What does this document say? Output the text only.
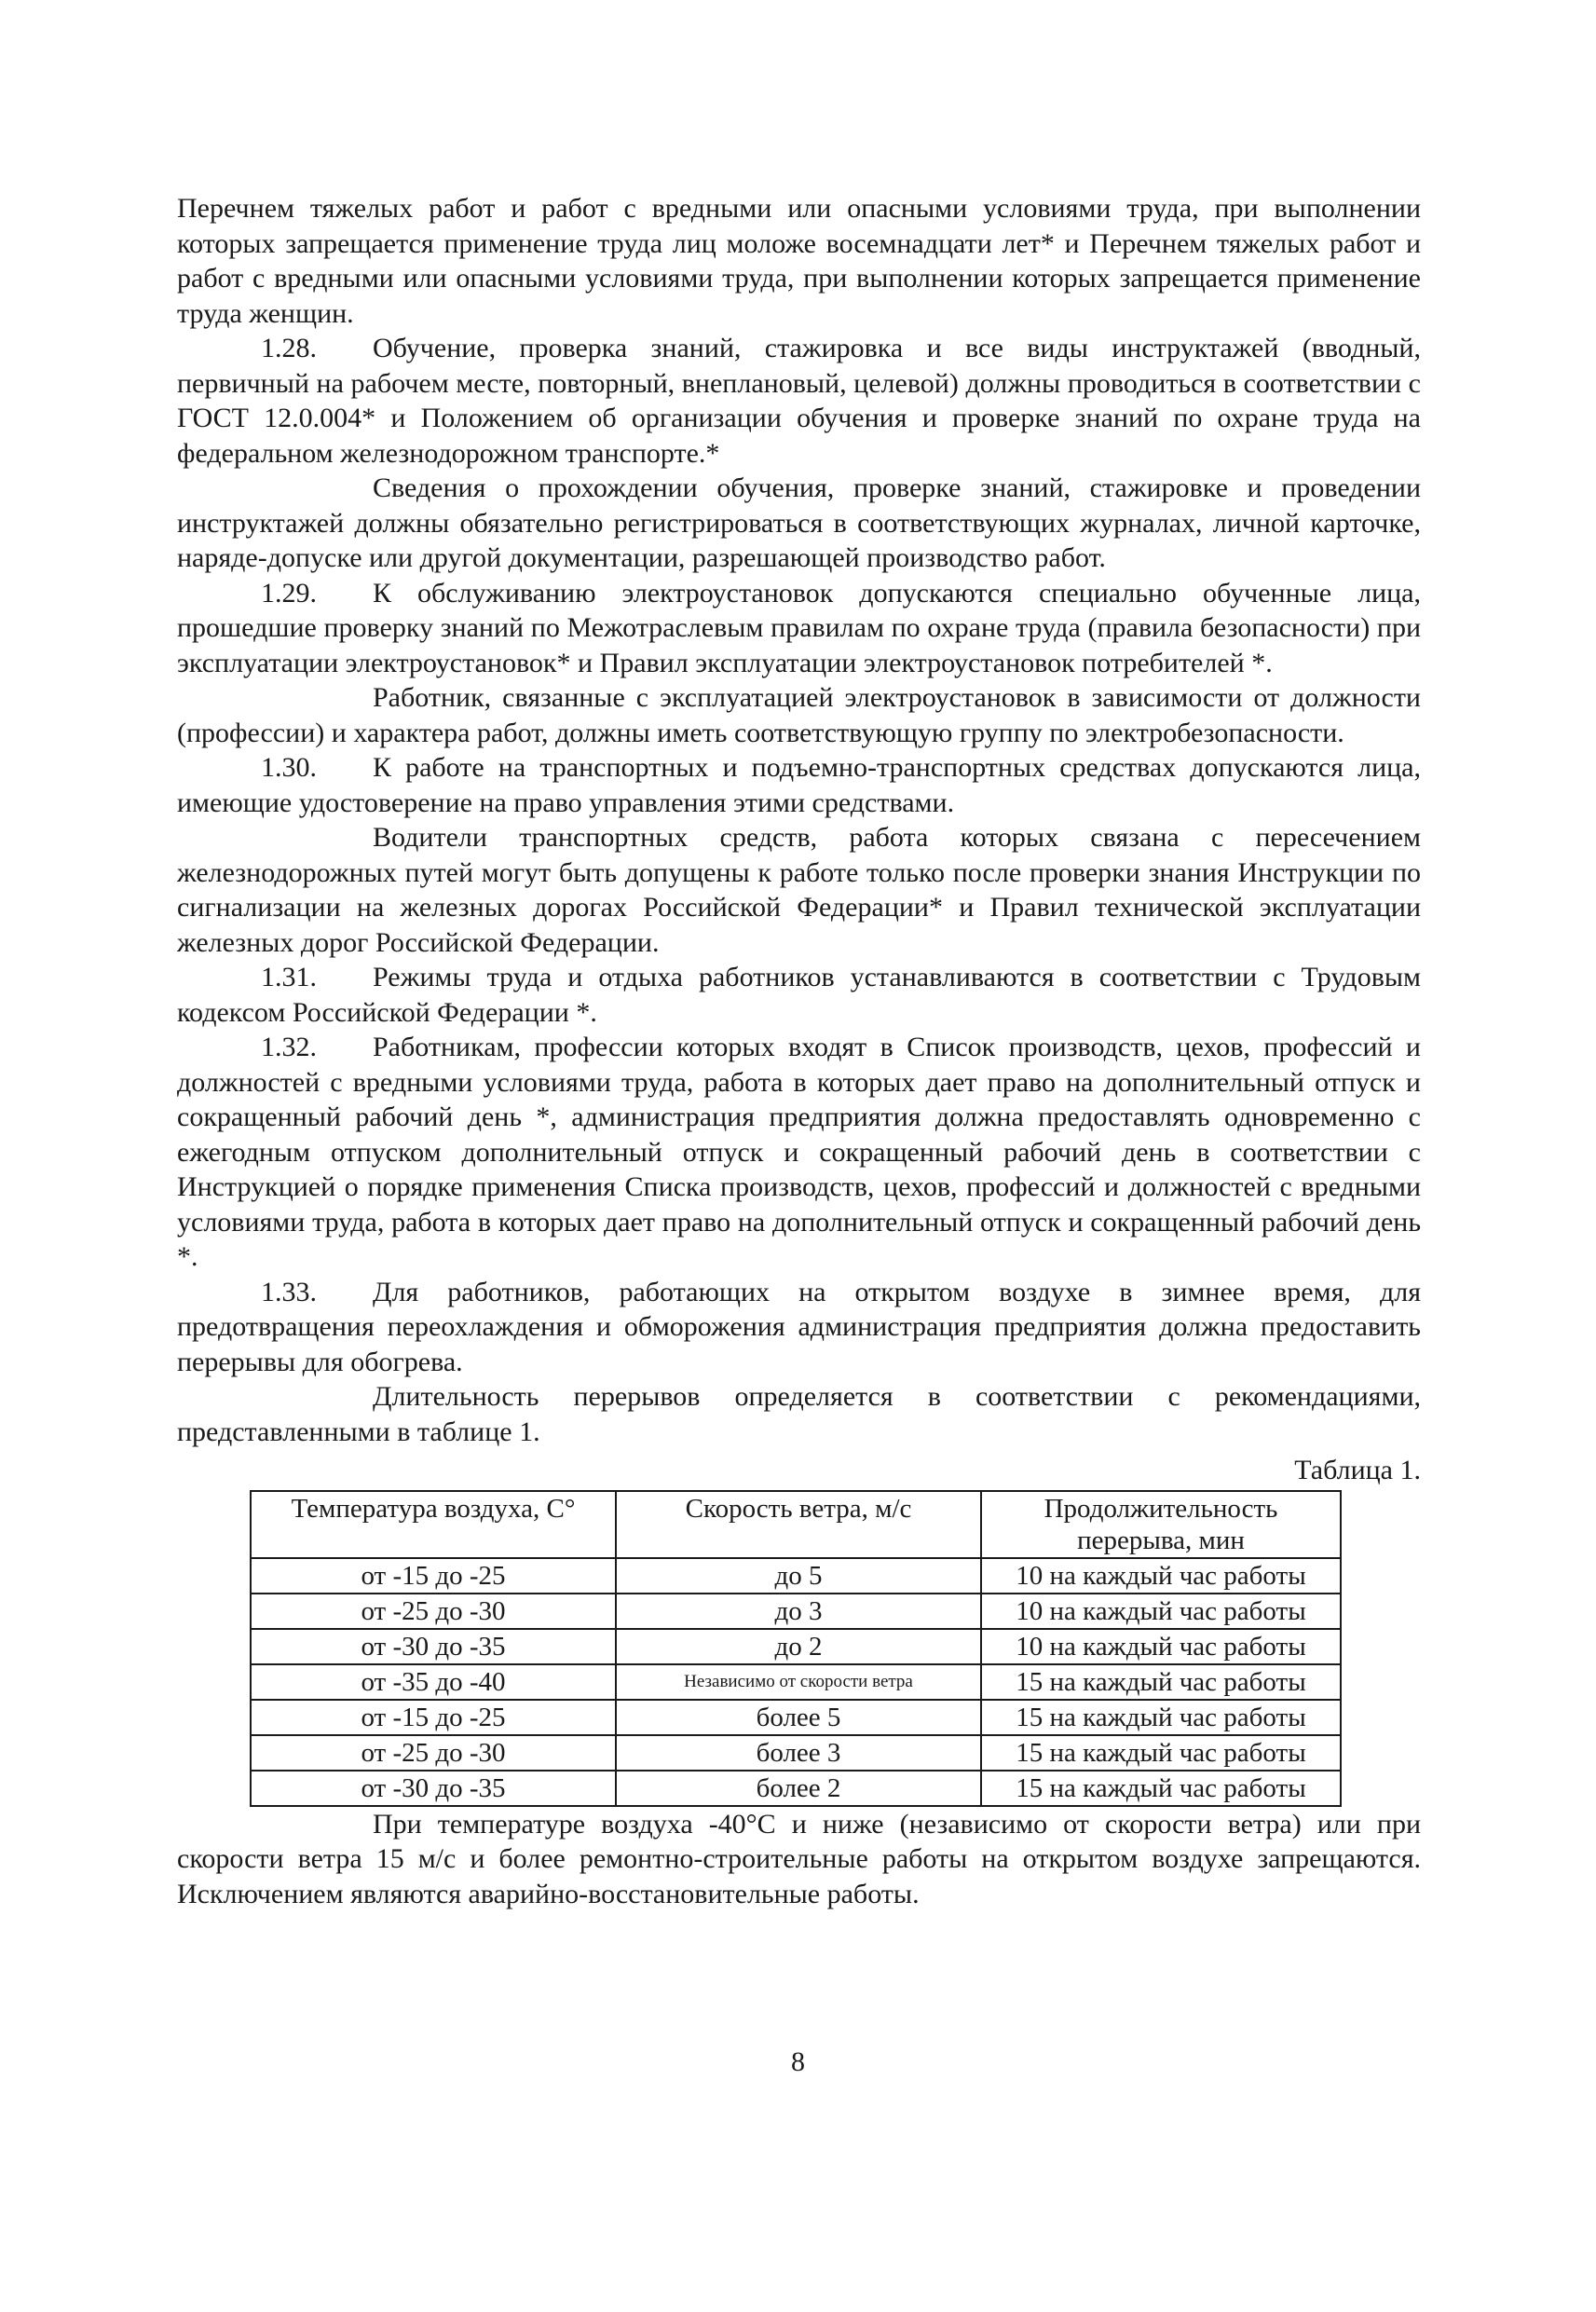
Перечнем тяжелых работ и работ с вредными или опасными условиями труда, при выполнении которых запрещается применение труда лиц моложе восемнадцати лет* и Перечнем тяжелых работ и работ с вредными или опасными условиями труда, при выполнении которых запрещается применение труда женщин.

1.28. Обучение, проверка знаний, стажировка и все виды инструктажей (вводный, первичный на рабочем месте, повторный, внеплановый, целевой) должны проводиться в соответствии с ГОСТ 12.0.004* и Положением об организации обучения и проверке знаний по охране труда на федеральном железнодорожном транспорте.*

Сведения о прохождении обучения, проверке знаний, стажировке и проведении инструктажей должны обязательно регистрироваться в соответствующих журналах, личной карточке, наряде-допуске или другой документации, разрешающей производство работ.

1.29. К обслуживанию электроустановок допускаются специально обученные лица, прошедшие проверку знаний по Межотраслевым правилам по охране труда (правила безопасности) при эксплуатации электроустановок* и Правил эксплуатации электроустановок потребителей *.

Работник, связанные с эксплуатацией электроустановок в зависимости от должности (профессии) и характера работ, должны иметь соответствующую группу по электробезопасности.

1.30. К работе на транспортных и подъемно-транспортных средствах допускаются лица, имеющие удостоверение на право управления этими средствами.

Водители транспортных средств, работа которых связана с пересечением железнодорожных путей могут быть допущены к работе только после проверки знания Инструкции по сигнализации на железных дорогах Российской Федерации* и Правил технической эксплуатации железных дорог Российской Федерации.

1.31. Режимы труда и отдыха работников устанавливаются в соответствии с Трудовым кодексом Российской Федерации *.

1.32. Работникам, профессии которых входят в Список производств, цехов, профессий и должностей с вредными условиями труда, работа в которых дает право на дополнительный отпуск и сокращенный рабочий день *, администрация предприятия должна предоставлять одновременно с ежегодным отпуском дополнительный отпуск и сокращенный рабочий день в соответствии с Инструкцией о порядке применения Списка производств, цехов, профессий и должностей с вредными условиями труда, работа в которых дает право на дополнительный отпуск и сокращенный рабочий день *.

1.33. Для работников, работающих на открытом воздухе в зимнее время, для предотвращения переохлаждения и обморожения администрация предприятия должна предоставить перерывы для обогрева.

Длительность перерывов определяется в соответствии с рекомендациями, представленными в таблице 1.

Таблица 1.
Температура воздуха, С°	Скорость ветра, м/с	Продолжительность перерыва, мин
от -15 до -25	до 5	10 на каждый час работы
от -25 до -30	до 3	10 на каждый час работы
от -30 до -35	до 2	10 на каждый час работы
от -35 до -40	Независимо от скорости ветра	15 на каждый час работы
от -15 до -25	более 5	15 на каждый час работы
от -25 до -30	более 3	15 на каждый час работы
от -30 до -35	более 2	15 на каждый час работы

При температуре воздуха -40°С и ниже (независимо от скорости ветра) или при скорости ветра 15 м/с и более ремонтно-строительные работы на открытом воздухе запрещаются. Исключением являются аварийно-восстановительные работы.

8
